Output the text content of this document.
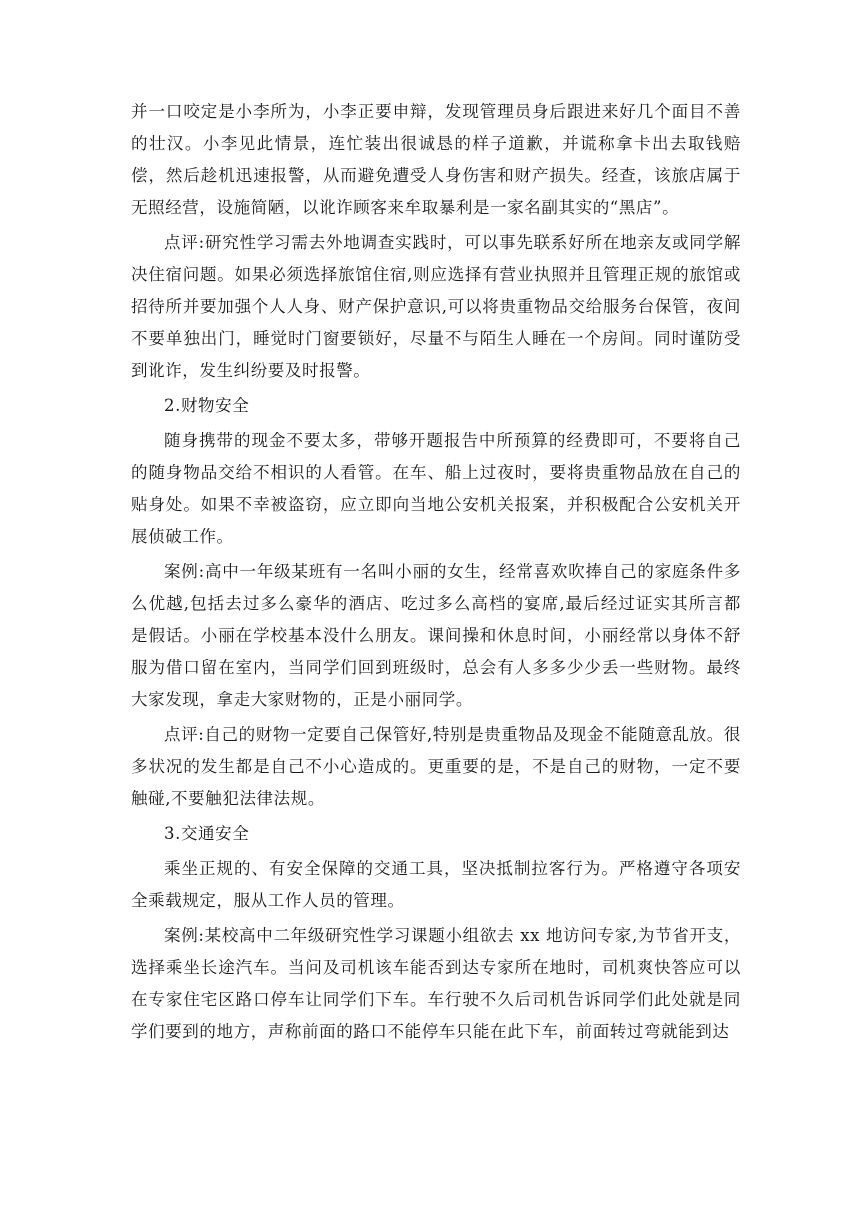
并一口咬定是小李所为，小李正要申辩，发现管理员身后跟进来好几个面目不善的壮汉。小李见此情景，连忙装出很诚恳的样子道歉，并谎称拿卡出去取钱赔偿，然后趁机迅速报警，从而避免遭受人身伤害和财产损失。经查，该旅店属于无照经营，设施简陋，以讹诈顾客来牟取暴利是一家名副其实的“黑店”。

点评:研究性学习需去外地调查实践时，可以事先联系好所在地亲友或同学解决住宿问题。如果必须选择旅馆住宿,则应选择有营业执照并且管理正规的旅馆或招待所并要加强个人人身、财产保护意识,可以将贵重物品交给服务台保管，夜间不要单独出门，睡觉时门窗要锁好，尽量不与陌生人睡在一个房间。同时谨防受到讹诈，发生纠纷要及时报警。

2.财物安全

随身携带的现金不要太多，带够开题报告中所预算的经费即可，不要将自己的随身物品交给不相识的人看管。在车、船上过夜时，要将贵重物品放在自己的贴身处。如果不幸被盗窃，应立即向当地公安机关报案，并积极配合公安机关开展侦破工作。

案例:高中一年级某班有一名叫小丽的女生，经常喜欢吹捧自己的家庭条件多么优越,包括去过多么豪华的酒店、吃过多么高档的宴席,最后经过证实其所言都是假话。小丽在学校基本没什么朋友。课间操和休息时间，小丽经常以身体不舒服为借口留在室内，当同学们回到班级时，总会有人多多少少丢一些财物。最终大家发现，拿走大家财物的，正是小丽同学。

点评:自己的财物一定要自己保管好,特别是贵重物品及现金不能随意乱放。很多状况的发生都是自己不小心造成的。更重要的是，不是自己的财物，一定不要触碰,不要触犯法律法规。

3.交通安全

乘坐正规的、有安全保障的交通工具，坚决抵制拉客行为。严格遵守各项安全乘载规定，服从工作人员的管理。

案例:某校高中二年级研究性学习课题小组欲去 xx 地访问专家,为节省开支，选择乘坐长途汽车。当问及司机该车能否到达专家所在地时，司机爽快答应可以在专家住宅区路口停车让同学们下车。车行驶不久后司机告诉同学们此处就是同学们要到的地方，声称前面的路口不能停车只能在此下车，前面转过弯就能到达
